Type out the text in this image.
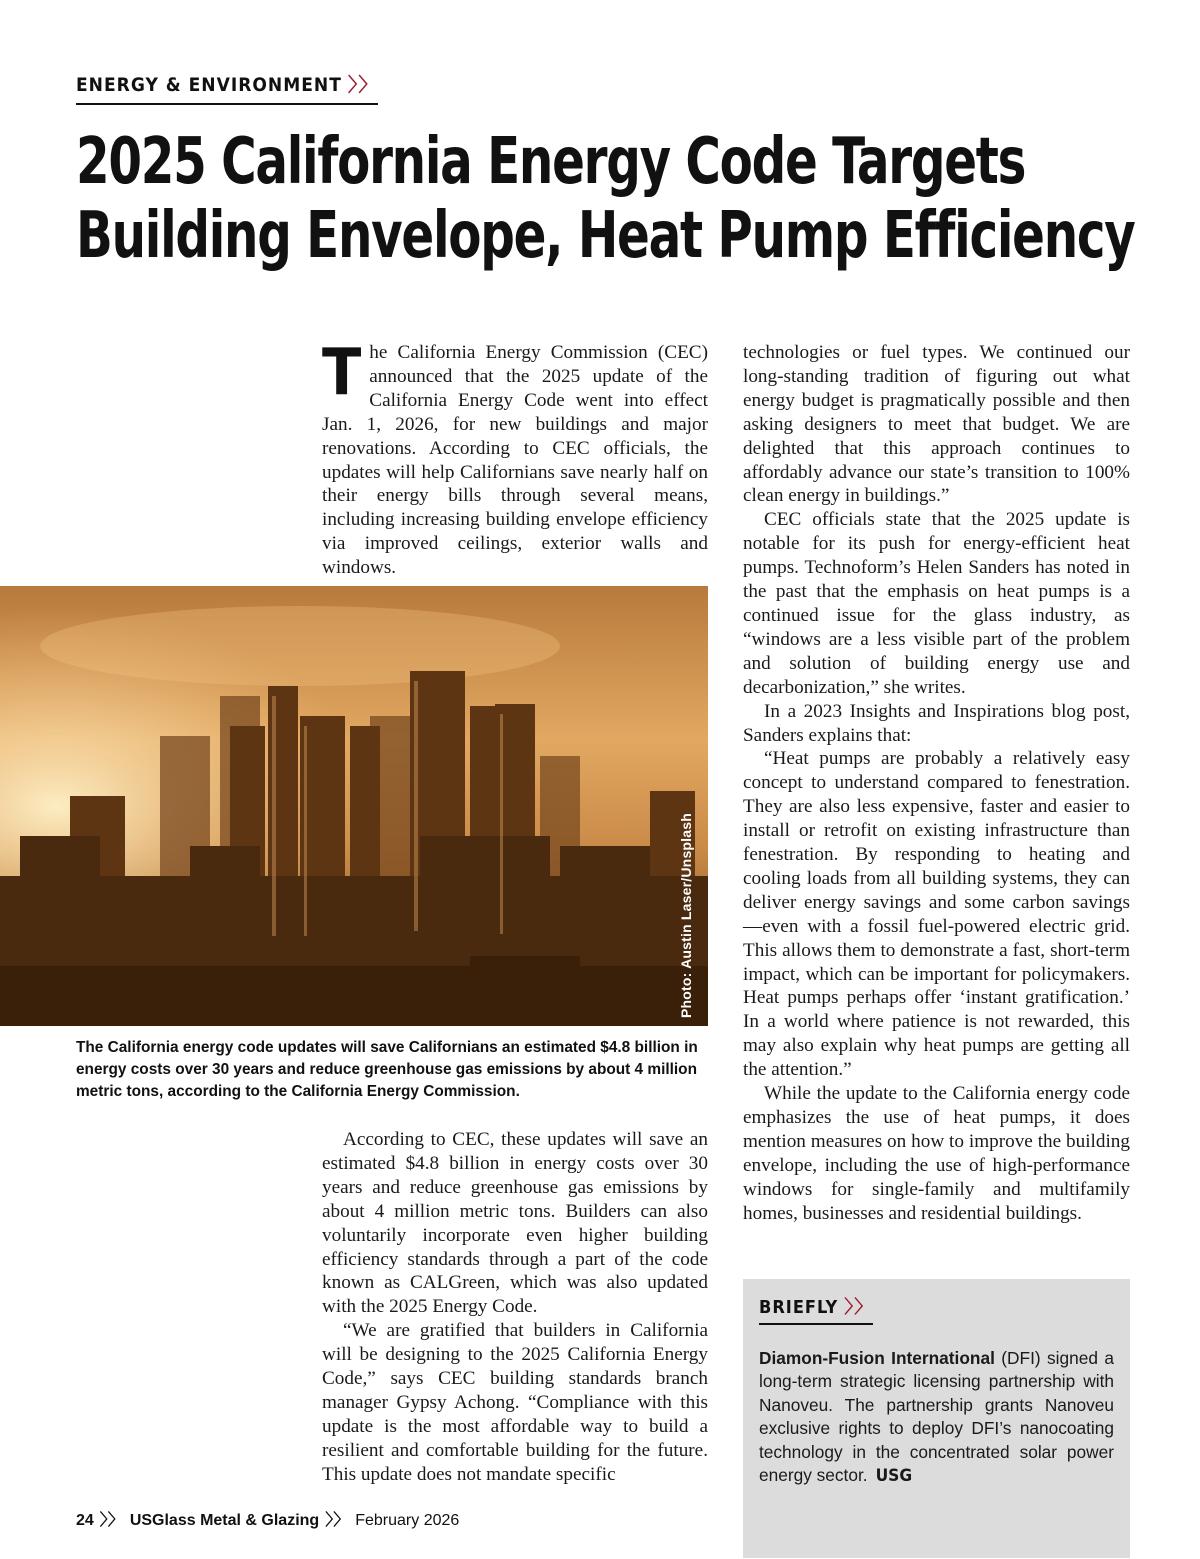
ENERGY & ENVIRONMENT 〉〉
2025 California Energy Code Targets
Building Envelope, Heat Pump Efficiency

The California Energy Commission (CEC) announced that the 2025 update of the California Energy Code went into effect Jan. 1, 2026, for new buildings and major renovations. According to CEC officials, the updates will help Californians save nearly half on their energy bills through several means, including increasing building envelope efficiency via improved ceilings, exterior walls and windows.

Photo: Austin Laser/Unsplash

The California energy code updates will save Californians an estimated $4.8 billion in energy costs over 30 years and reduce greenhouse gas emissions by about 4 million metric tons, according to the California Energy Commission.

According to CEC, these updates will save an estimated $4.8 billion in energy costs over 30 years and reduce greenhouse gas emissions by about 4 million metric tons. Builders can also voluntarily incorporate even higher building efficiency standards through a part of the code known as CALGreen, which was also updated with the 2025 Energy Code.

“We are gratified that builders in California will be designing to the 2025 California Energy Code,” says CEC building standards branch manager Gypsy Achong. “Compliance with this update is the most affordable way to build a resilient and comfortable building for the future. This update does not mandate specific

technologies or fuel types. We continued our long-standing tradition of figuring out what energy budget is pragmatically possible and then asking designers to meet that budget. We are delighted that this approach continues to affordably advance our state’s transition to 100% clean energy in buildings.”

CEC officials state that the 2025 update is notable for its push for energy-efficient heat pumps. Technoform’s Helen Sanders has noted in the past that the emphasis on heat pumps is a continued issue for the glass industry, as “windows are a less visible part of the problem and solution of building energy use and decarbonization,” she writes.

In a 2023 Insights and Inspirations blog post, Sanders explains that:

“Heat pumps are probably a relatively easy concept to understand compared to fenestration. They are also less expensive, faster and easier to install or retrofit on existing infrastructure than fenestration. By responding to heating and cooling loads from all building systems, they can deliver energy savings and some carbon savings—even with a fossil fuel-powered electric grid. This allows them to demonstrate a fast, short-term impact, which can be important for policymakers. Heat pumps perhaps offer ‘instant gratification.’ In a world where patience is not rewarded, this may also explain why heat pumps are getting all the attention.”

While the update to the California energy code emphasizes the use of heat pumps, it does mention measures on how to improve the building envelope, including the use of high-performance windows for single-family and multifamily homes, businesses and residential buildings.

BRIEFLY 〉〉

Diamon-Fusion International (DFI) signed a long-term strategic licensing partnership with Nanoveu. The partnership grants Nanoveu exclusive rights to deploy DFI’s nanocoating technology in the concentrated solar power energy sector. USG

24 〉〉 USGlass Metal & Glazing 〉〉 February 2026
